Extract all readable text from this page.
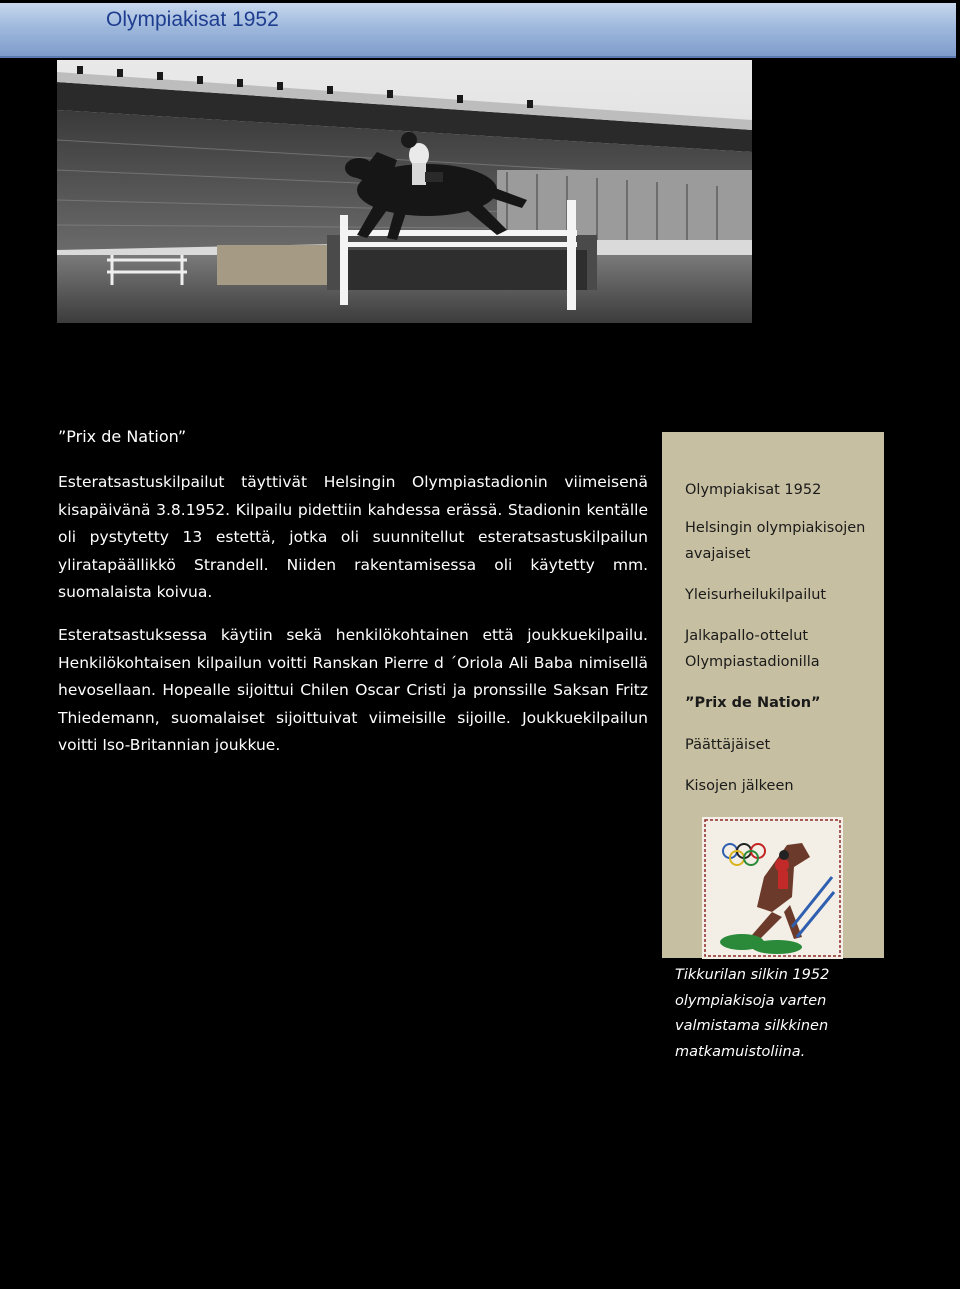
Olympiakisat 1952
”Prix de Nation”

Esteratsastuskilpailut täyttivät Helsingin Olympiastadionin viimeisenä kisapäivänä 3.8.1952. Kilpailu pidettiin kahdessa erässä. Stadionin kentälle oli pystytetty 13 estettä, jotka oli suunnitellut esteratsastuskilpailun yliratapäällikkö Strandell. Niiden rakentamisessa oli käytetty mm. suomalaista koivua.

Esteratsastuksessa käytiin sekä henkilökohtainen että joukkuekilpailu. Henkilökohtaisen kilpailun voitti Ranskan Pierre d ´Oriola Ali Baba nimisellä hevosellaan. Hopealle sijoittui Chilen Oscar Cristi ja pronssille Saksan Fritz Thiedemann, suomalaiset sijoittuivat viimeisille sijoille. Joukkuekilpailun voitti Iso-Britannian joukkue.

Olympiakisat 1952
Helsingin olympiakisojen avajaiset
Yleisurheilukilpailut
Jalkapallo-ottelut Olympiastadionilla
”Prix de Nation”
Päättäjäiset
Kisojen jälkeen
Tikkurilan silkin 1952 olympiakisoja varten valmistama silkkinen matkamuistoliina.
